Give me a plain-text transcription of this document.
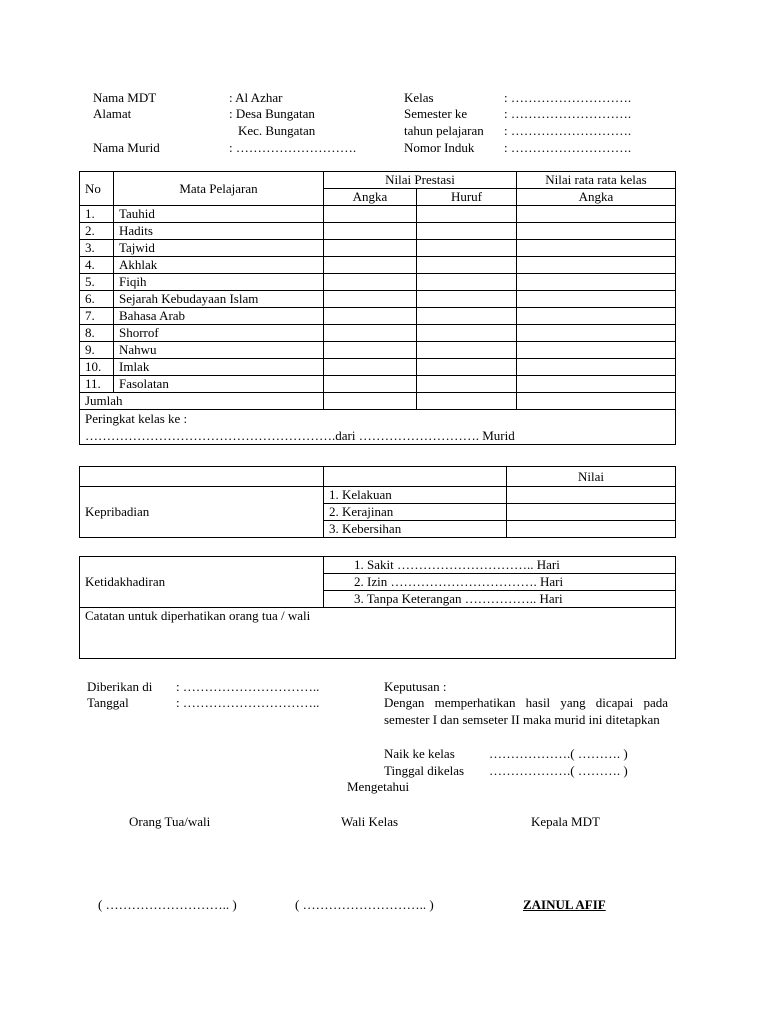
Nama MDT	: Al Azhar
Alamat	: Desa Bungatan
Kec. Bungatan
Nama Murid	: ……………………….
Kelas	: ……………………….
Semester ke	: ……………………….
tahun pelajaran : ……………………….
Nomor Induk : ……………………….
No	Mata Pelajaran	Nilai Prestasi		Nilai rata rata kelas
		Angka	Huruf	Angka
1.	Tauhid			
2.	Hadits			
3.	Tajwid			
4.	Akhlak			
5.	Fiqih			
6.	Sejarah Kebudayaan Islam			
7.	Bahasa Arab			
8.	Shorrof			
9.	Nahwu			
10.	Imlak			
11.	Fasolatan			
Jumlah				

Peringkat kelas ke :
………………………………………………….dari ………………………. Murid				
		Nilai
Kepribadian	1. Kelakuan	
	2. Kerajinan	
	3. Kebersihan	
Ketidakhadiran	1. Sakit ………………………….. Hari
2. Izin ……………………………. Hari
3. Tanpa Keterangan …………….. Hari
Catatan untuk diperhatikan orang tua / wali
Diberikan di : …………………………..
Tanggal	: …………………………..
Keputusan :
Dengan memperhatikan hasil yang dicapai pada semester I dan semseter II maka murid ini ditetapkan
Naik ke kelas	……………….( ………. )
Tinggal dikelas ……………….( ………. )
Mengetahui
Orang Tua/wali	Wali Kelas	Kepala MDT
( ……………………….. )	( ……………………….. )	ZAINUL AFIF
